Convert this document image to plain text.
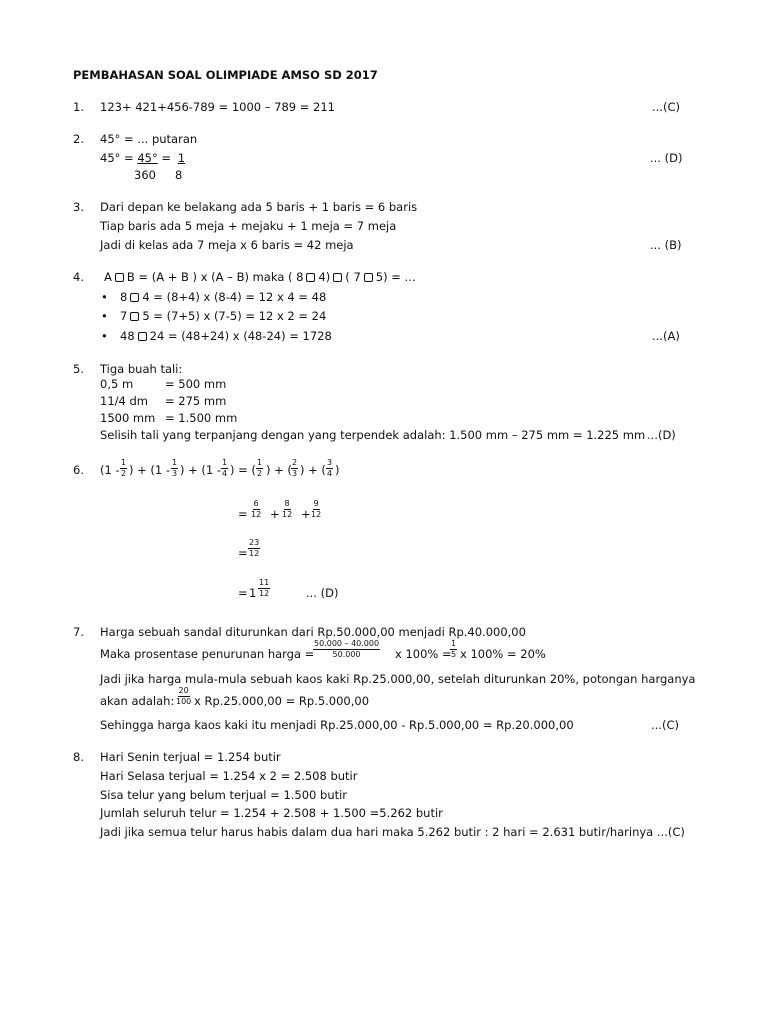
PEMBAHASAN SOAL OLIMPIADE AMSO SD 2017
1. 123+ 421+456-789 = 1000 – 789 = 211	...(C)
2. 45° = ... putaran
45° = 45° = 1
360 8
... (D)
3. Dari depan ke belakang ada 5 baris + 1 baris = 6 baris
Tiap baris ada 5 meja + mejaku + 1 meja = 7 meja
Jadi di kelas ada 7 meja x 6 baris = 42 meja	... (B)
4. A B = (A + B ) x (A – B) maka ( 8 4) ( 7 5) = ...
• 8 4 = (8+4) x (8-4) = 12 x 4 = 48
• 7 5 = (7+5) x (7-5) = 12 x 2 = 24
• 48 24 = (48+24) x (48-24) = 1728	...(A)
5. Tiga buah tali:
0,5 m	= 500 mm
11/4 dm = 275 mm
1500 mm = 1.500 mm
Selisih tali yang terpanjang dengan yang terpendek adalah: 1.500 mm – 275 mm = 1.225 mm ...(D)
6. ($1 - \frac{1}{2}$ ) + ($1 - \frac{1}{3}$ ) + ($1 - \frac{1}{4}$ ) = ( $\frac{1}{2}$ ) + ( $\frac{2}{3}$ ) + ( $\frac{3}{4}$ )
= $\frac{6}{12} + \frac{8}{12} + \frac{9}{12}$
= $\frac{23}{12}$
= $1 \frac{11}{12}$	... (D)
7. Harga sebuah sandal diturunkan dari Rp.50.000,00 menjadi Rp.40.000,00
Maka prosentase penurunan harga =
$\frac{50.000 - 40.000}{50.000}$ x 100% =
$\frac{1}{5}$ x 100% = 20%
Jadi jika harga mula-mula sebuah kaos kaki Rp.25.000,00, setelah diturunkan 20%, potongan harganya
akan adalah: $\frac{20}{100}$ x Rp.25.000,00 = Rp.5.000,00
Sehingga harga kaos kaki itu menjadi Rp.25.000,00 - Rp.5.000,00 = Rp.20.000,00	...(C)
8. Hari Senin terjual = 1.254 butir
Hari Selasa terjual = 1.254 x 2 = 2.508 butir
Sisa telur yang belum terjual = 1.500 butir
Jumlah seluruh telur = 1.254 + 2.508 + 1.500 =5.262 butir
Jadi jika semua telur harus habis dalam dua hari maka 5.262 butir : 2 hari = 2.631 butir/harinya ...(C)
